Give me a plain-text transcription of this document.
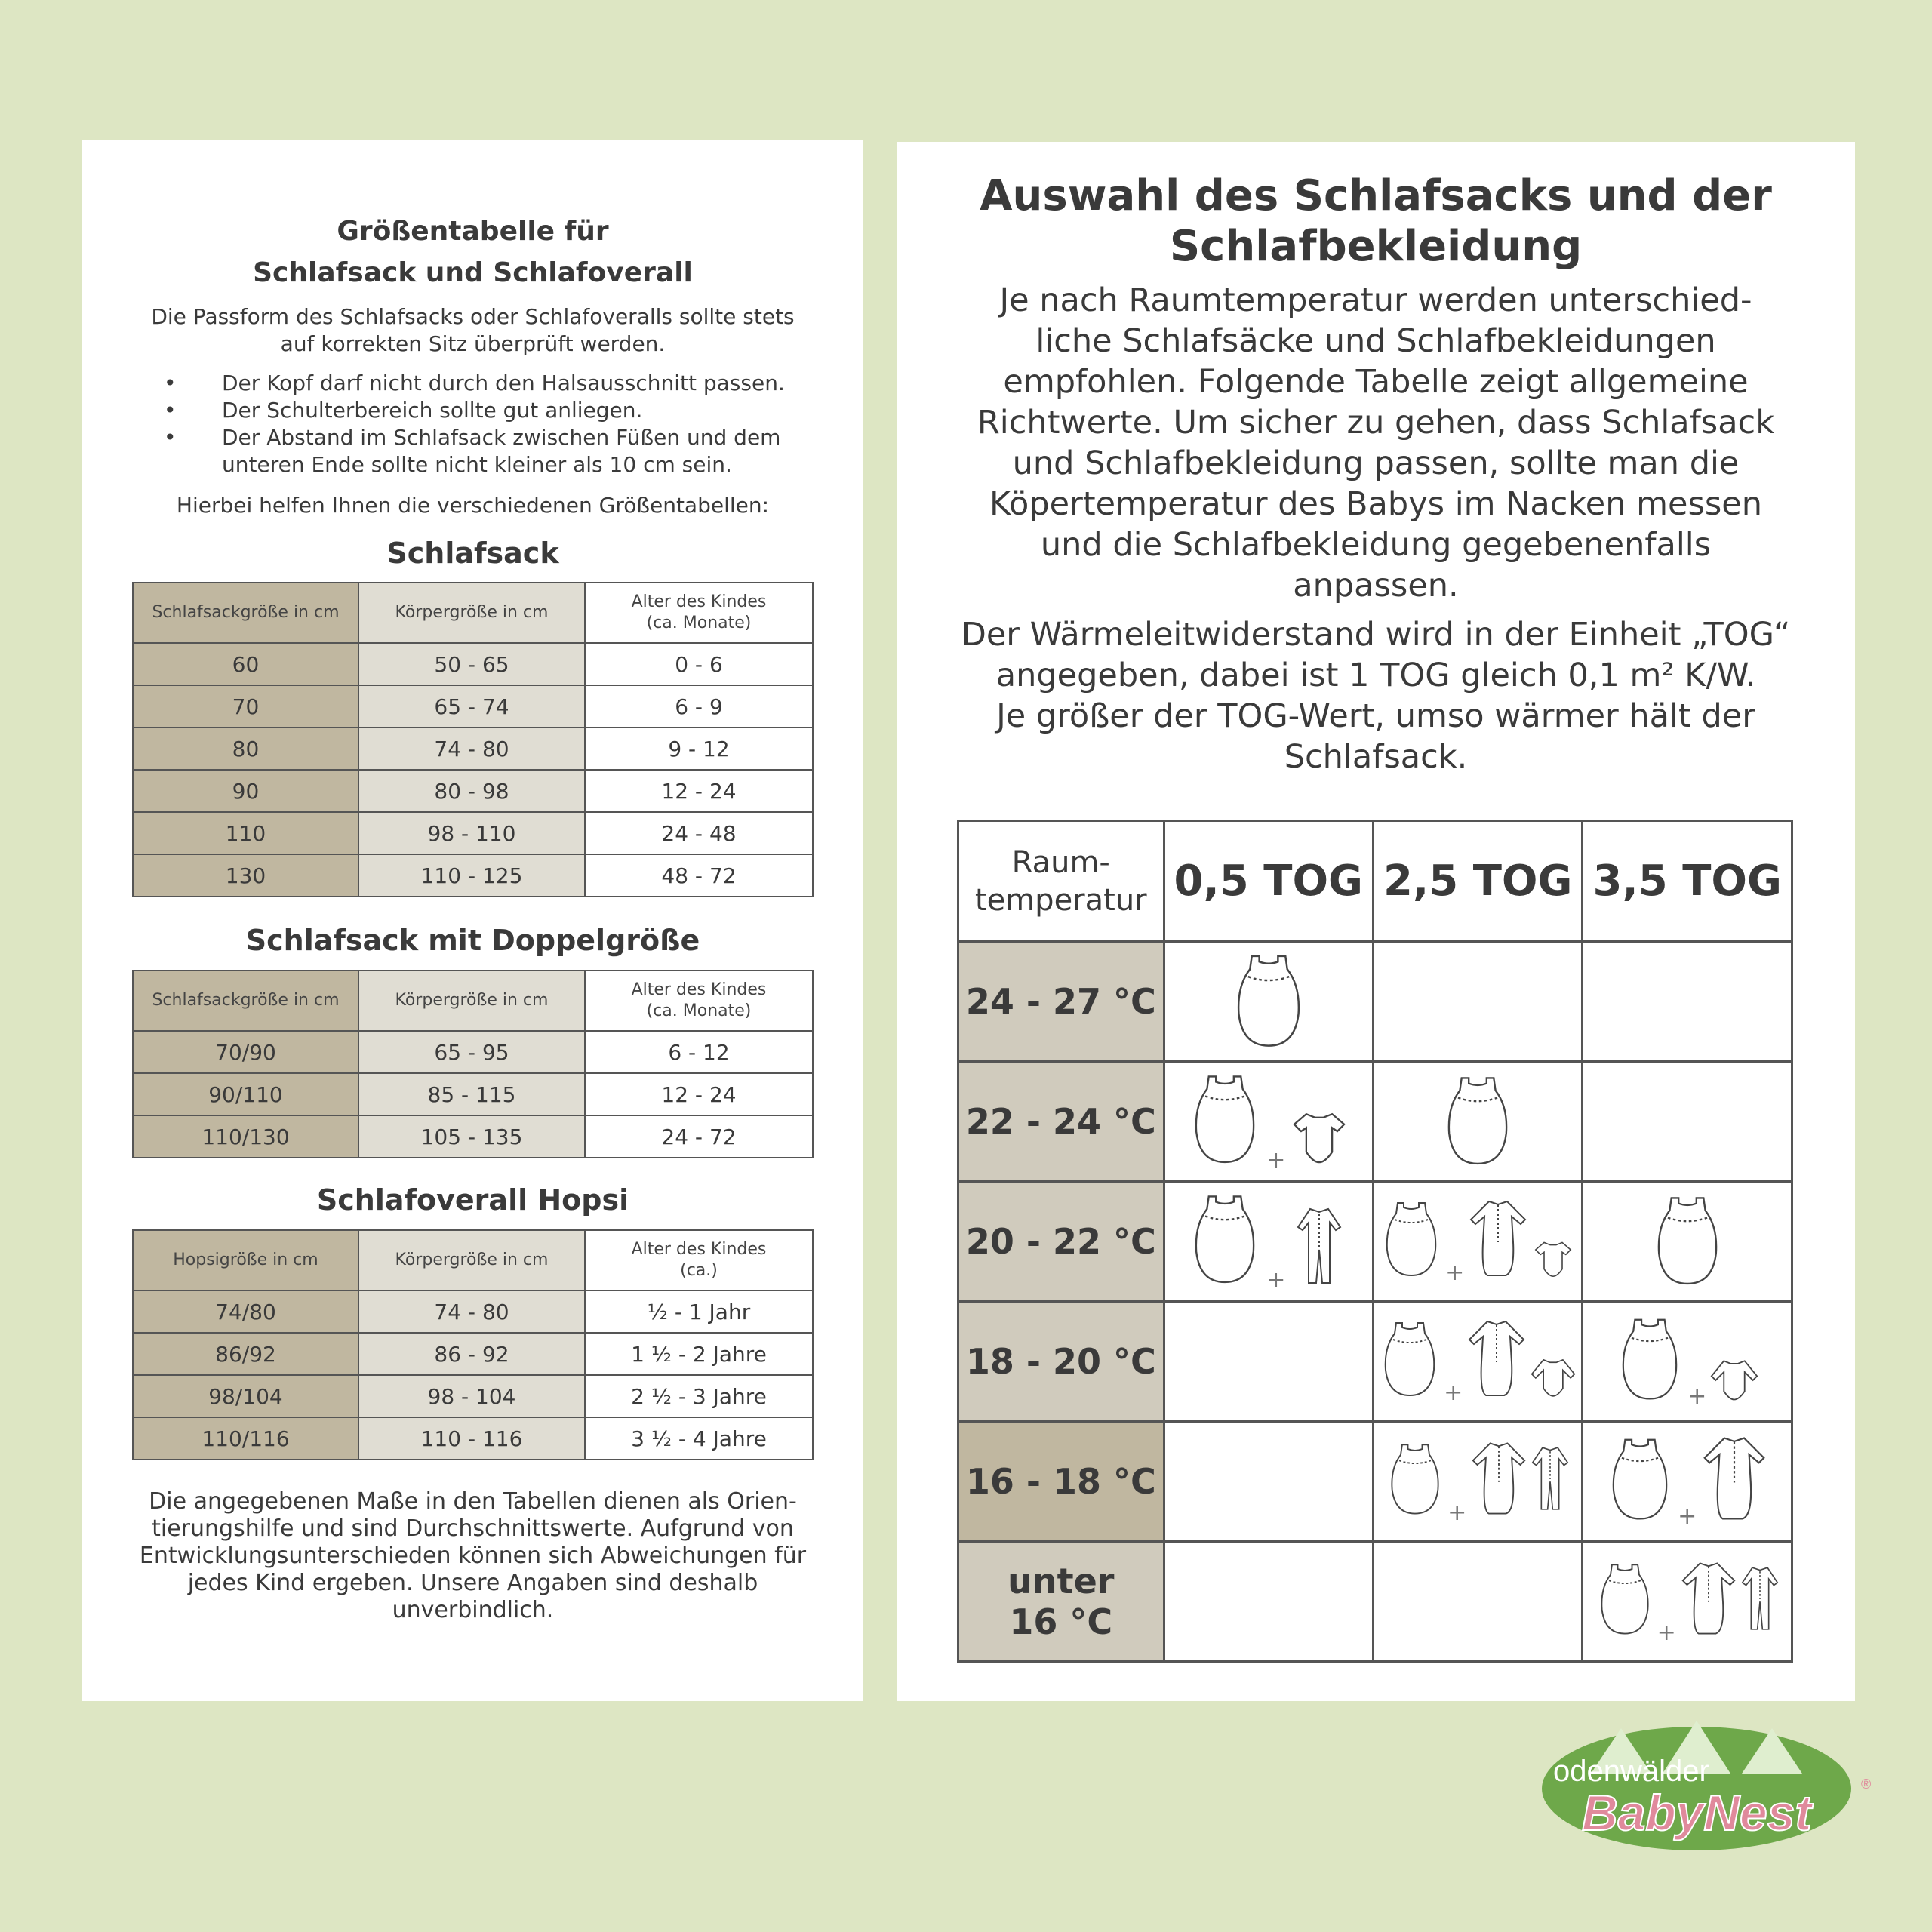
Größentabelle für

Schlafsack und Schlafoverall

Die Passform des Schlafsacks oder Schlafoveralls sollte stets

auf korrekten Sitz überprüft werden.

• Der Kopf darf nicht durch den Halsausschnitt passen.
• Der Schulterbereich sollte gut anliegen.
• Der Abstand im Schlafsack zwischen Füßen und dem
unteren Ende sollte nicht kleiner als 10 cm sein.

Hierbei helfen Ihnen die verschiedenen Größentabellen:

Schlafsack

Schlafsackgröße in cm	Körpergröße in cm	Alter des Kindes
(ca. Monate)
60	50 - 65	0 - 6
70	65 - 74	6 - 9
80	74 - 80	9 - 12
90	80 - 98	12 - 24
110	98 - 110	24 - 48
130	110 - 125	48 - 72

Schlafsack mit Doppelgröße

Schlafsackgröße in cm	Körpergröße in cm	Alter des Kindes
(ca. Monate)
70/90	65 - 95	6 - 12
90/110	85 - 115	12 - 24
110/130	105 - 135	24 - 72

Schlafoverall Hopsi

Hopsigröße in cm	Körpergröße in cm	Alter des Kindes
(ca.)
74/80	74 - 80	½ - 1 Jahr
86/92	86 - 92	1 ½ - 2 Jahre
98/104	98 - 104	2 ½ - 3 Jahre
110/116	110 - 116	3 ½ - 4 Jahre
Die angegebenen Maße in den Tabellen dienen als Orien-
tierungshilfe und sind Durchschnittswerte. Aufgrund von
Entwicklungsunterschieden können sich Abweichungen für
jedes Kind ergeben. Unsere Angaben sind deshalb
unverbindlich.

Auswahl des Schlafsacks und der

Schlafbekleidung

Je nach Raumtemperatur werden unterschied-

liche Schlafsäcke und Schlafbekleidungen

empfohlen. Folgende Tabelle zeigt allgemeine

Richtwerte. Um sicher zu gehen, dass Schlafsack

und Schlafbekleidung passen, sollte man die

Köpertemperatur des Babys im Nacken messen

und die Schlafbekleidung gegebenenfalls

anpassen.

Der Wärmeleitwiderstand wird in der Einheit „TOG“

angegeben, dabei ist 1 TOG gleich 0,1 m² K/W.

Je größer der TOG-Wert, umso wärmer hält der

Schlafsack.

Raum-
temperatur	0,5 TOG	2,5 TOG	3,5 TOG
24 - 27 °C			
22 - 24 °C	+		
20 - 22 °C	+	+	
18 - 20 °C		+	+
16 - 18 °C		+	+

unter
16 °C			+
odenwälder
BabyNest
®
